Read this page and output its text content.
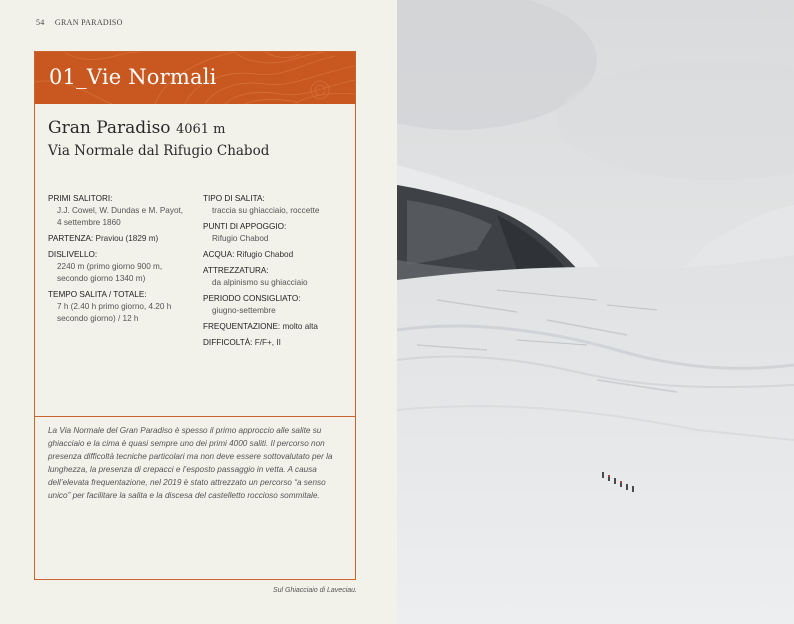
54 GRAN PARADISO
01_Vie Normali
Gran Paradiso 4061 m
Via Normale dal Rifugio Chabod
PRIMI SALITORI:
J.J. Cowel, W. Dundas e M. Payot,
4 settembre 1860
PARTENZA: Praviou (1829 m)
DISLIVELLO:
2240 m (primo giorno 900 m,
secondo giorno 1340 m)
TEMPO SALITA / TOTALE:
7 h (2.40 h primo giorno, 4.20 h
secondo giorno) / 12 h
TIPO DI SALITA:
traccia su ghiacciaio, roccette
PUNTI DI APPOGGIO:
Rifugio Chabod
ACQUA: Rifugio Chabod
ATTREZZATURA:
da alpinismo su ghiacciaio
PERIODO CONSIGLIATO:
giugno-settembre
FREQUENTAZIONE: molto alta
DIFFICOLTÀ: F/F+, II
La Via Normale del Gran Paradiso è spesso il primo approccio alle salite su ghiacciaio e la cima è quasi sempre uno dei primi 4000 saliti. Il percorso non presenza difficoltà tecniche particolari ma non deve essere sottovalutato per la lunghezza, la presenza di crepacci e l’esposto passaggio in vetta. A causa dell’elevata frequentazione, nel 2019 è stato attrezzato un percorso “a senso unico” per facilitare la salita e la discesa del castelletto roccioso sommitale.
Sul Ghiacciaio di Laveciau.
